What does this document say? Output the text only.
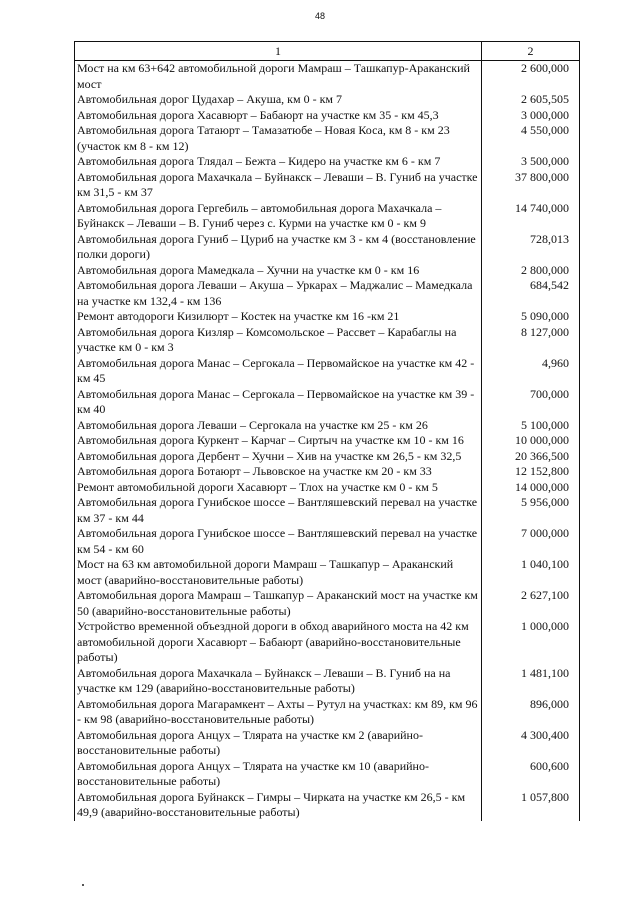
48
1	2
Мост на км 63+642 автомобильной дороги Мамраш – Ташкапур-Араканский мост	2 600,000
Автомобильная дорог Цудахар – Акуша, км 0 - км 7	2 605,505
Автомобильная дорога Хасавюрт – Бабаюрт на участке км 35 - км 45,3	3 000,000
Автомобильная дорога Татаюрт – Тамазатюбе – Новая Коса, км 8 - км 23 (участок км 8 - км 12)	4 550,000
Автомобильная дорога Тлядал – Бежта – Кидеро на участке км 6 - км 7	3 500,000
Автомобильная дорога Махачкала – Буйнакск – Леваши – В. Гуниб на участке км 31,5 - км 37	37 800,000
Автомобильная дорога Гергебиль – автомобильная дорога Махачкала – Буйнакск – Леваши – В. Гуниб через с. Курми на участке км 0 - км 9	14 740,000
Автомобильная дорога Гуниб – Цуриб на участке км 3 - км 4 (восстановление полки дороги)	728,013
Автомобильная дорога Мамедкала – Хучни на участке км 0 - км 16	2 800,000
Автомобильная дорога Леваши – Акуша – Уркарах – Маджалис – Мамедкала на участке км 132,4 - км 136	684,542
Ремонт автодороги Кизилюрт – Костек на участке км 16 -км 21	5 090,000
Автомобильная дорога Кизляр – Комсомольское – Рассвет – Карабаглы на участке км 0 - км 3	8 127,000
Автомобильная дорога Манас – Сергокала – Первомайское на участке км 42 - км 45	4,960
Автомобильная дорога Манас – Сергокала – Первомайское на участке км 39 - км 40	700,000
Автомобильная дорога Леваши – Сергокала на участке км 25 - км 26	5 100,000
Автомобильная дорога Куркент – Карчаг – Сиртыч на участке км 10 - км 16	10 000,000
Автомобильная дорога Дербент – Хучни – Хив на участке км 26,5 - км 32,5	20 366,500
Автомобильная дорога Ботаюрт – Львовское на участке км 20 - км 33	12 152,800
Ремонт автомобильной дороги Хасавюрт – Тлох на участке км 0 - км 5	14 000,000
Автомобильная дорога Гунибское шоссе – Вантляшевский перевал на участке км 37 - км 44	5 956,000
Автомобильная дорога Гунибское шоссе – Вантляшевский перевал на участке км 54 - км 60	7 000,000
Мост на 63 км автомобильной дороги Мамраш – Ташкапур – Араканский мост (аварийно-восстановительные работы)	1 040,100
Автомобильная дорога Мамраш – Ташкапур – Араканский мост на участке км 50 (аварийно-восстановительные работы)	2 627,100
Устройство временной объездной дороги в обход аварийного моста на 42 км автомобильной дороги Хасавюрт – Бабаюрт (аварийно-восстановительные работы)	1 000,000
Автомобильная дорога Махачкала – Буйнакск – Леваши – В. Гуниб на на участке км 129 (аварийно-восстановительные работы)	1 481,100
Автомобильная дорога Магарамкент – Ахты – Рутул на участках: км 89, км 96 - км 98 (аварийно-восстановительные работы)	896,000
Автомобильная дорога Анцух – Тлярата на участке км 2 (аварийно-восстановительные работы)	4 300,400
Автомобильная дорога Анцух – Тлярата на участке км 10 (аварийно-восстановительные работы)	600,600
Автомобильная дорога Буйнакск – Гимры – Чирката на участке км 26,5 - км 49,9 (аварийно-восстановительные работы)	1 057,800
